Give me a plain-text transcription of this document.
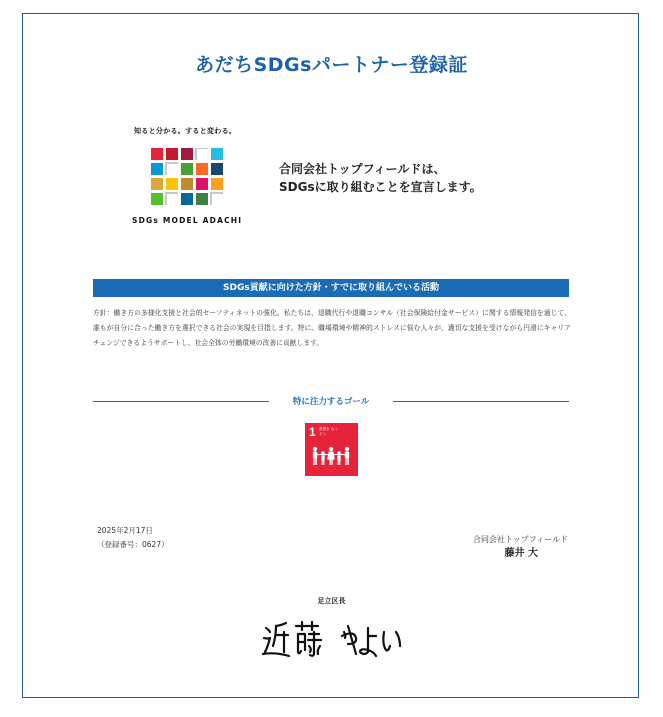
あだちSDGsパートナー登録証
知ると分かる。すると変わる。
SDGs MODEL ADACHI
合同会社トップフィールドは、
SDGsに取り組むことを宣言します。
SDGs貢献に向けた方針・すでに取り組んでいる活動
方針：働き方の多様化支援と社会的セーフティネットの強化。私たちは、退職代行や退職コンサル（社会保険給付金サービス）に関する情報発信を通じて、誰もが自分に合った働き方を選択できる社会の実現を目指します。特に、職場環境や精神的ストレスに悩む人々が、適切な支援を受けながら円滑にキャリアチェンジできるようサポートし、社会全体の労働環境の改善に貢献します。
特に注力するゴール
1 貧困を なくそう
2025年2月17日
（登録番号：0627）
合同会社トップフィールド
藤井 大
足立区長
